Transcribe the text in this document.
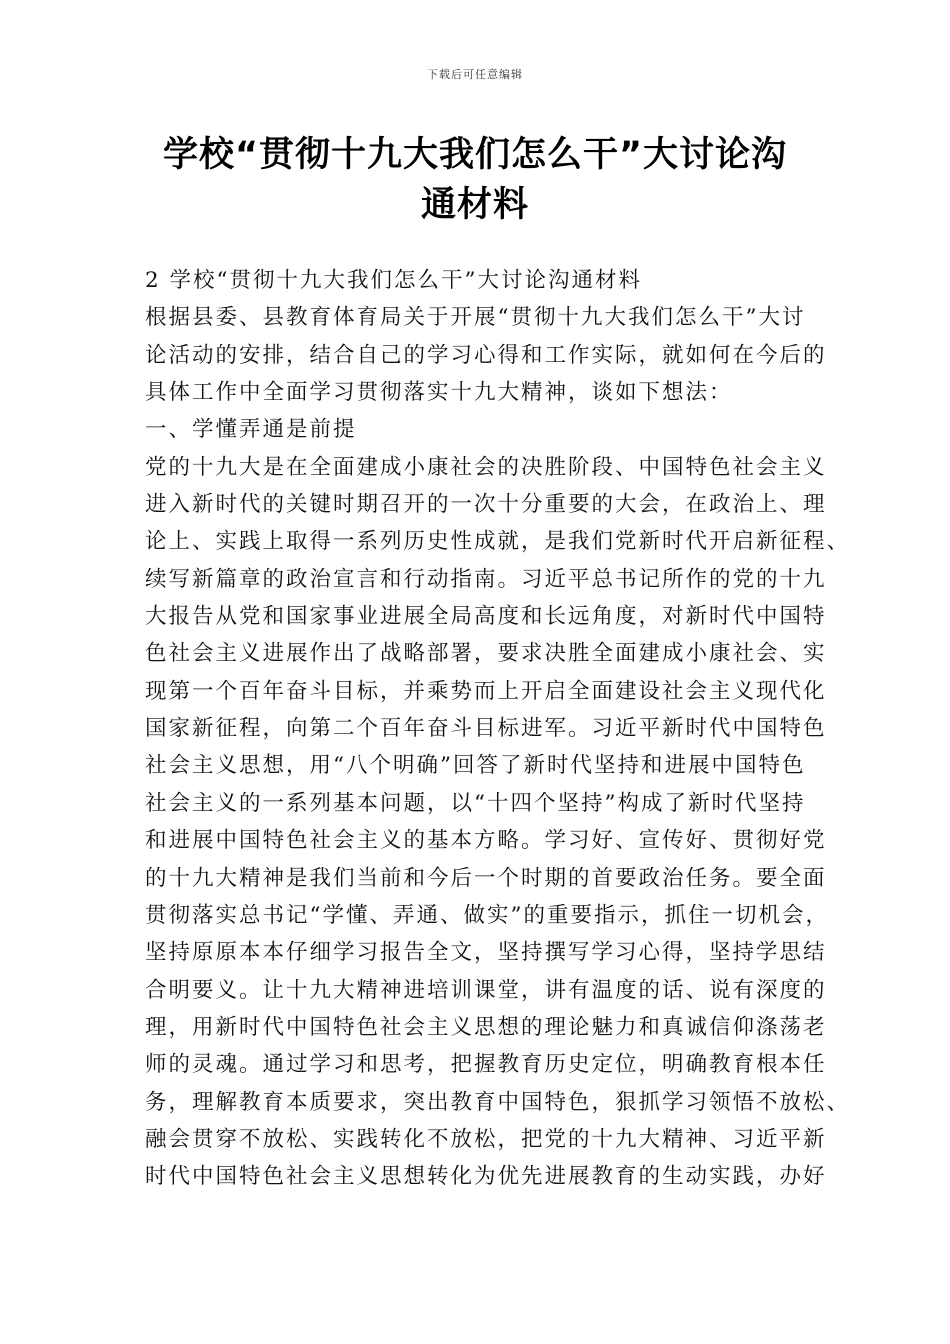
下载后可任意编辑
学校“贯彻十九大我们怎么干”大讨论沟
通材料
2 学校“贯彻十九大我们怎么干”大讨论沟通材料
根据县委、县教育体育局关于开展“贯彻十九大我们怎么干”大讨
论活动的安排，结合自己的学习心得和工作实际，就如何在今后的
具体工作中全面学习贯彻落实十九大精神，谈如下想法：
一、学懂弄通是前提
党的十九大是在全面建成小康社会的决胜阶段、中国特色社会主义
进入新时代的关键时期召开的一次十分重要的大会，在政治上、理
论上、实践上取得一系列历史性成就，是我们党新时代开启新征程、
续写新篇章的政治宣言和行动指南。习近平总书记所作的党的十九
大报告从党和国家事业进展全局高度和长远角度，对新时代中国特
色社会主义进展作出了战略部署，要求决胜全面建成小康社会、实
现第一个百年奋斗目标，并乘势而上开启全面建设社会主义现代化
国家新征程，向第二个百年奋斗目标进军。习近平新时代中国特色
社会主义思想，用“八个明确”回答了新时代坚持和进展中国特色
社会主义的一系列基本问题，以“十四个坚持”构成了新时代坚持
和进展中国特色社会主义的基本方略。学习好、宣传好、贯彻好党
的十九大精神是我们当前和今后一个时期的首要政治任务。要全面
贯彻落实总书记“学懂、弄通、做实”的重要指示，抓住一切机会，
坚持原原本本仔细学习报告全文，坚持撰写学习心得，坚持学思结
合明要义。让十九大精神进培训课堂，讲有温度的话、说有深度的
理，用新时代中国特色社会主义思想的理论魅力和真诚信仰涤荡老
师的灵魂。通过学习和思考，把握教育历史定位，明确教育根本任
务，理解教育本质要求，突出教育中国特色，狠抓学习领悟不放松、
融会贯穿不放松、实践转化不放松，把党的十九大精神、习近平新
时代中国特色社会主义思想转化为优先进展教育的生动实践，办好
